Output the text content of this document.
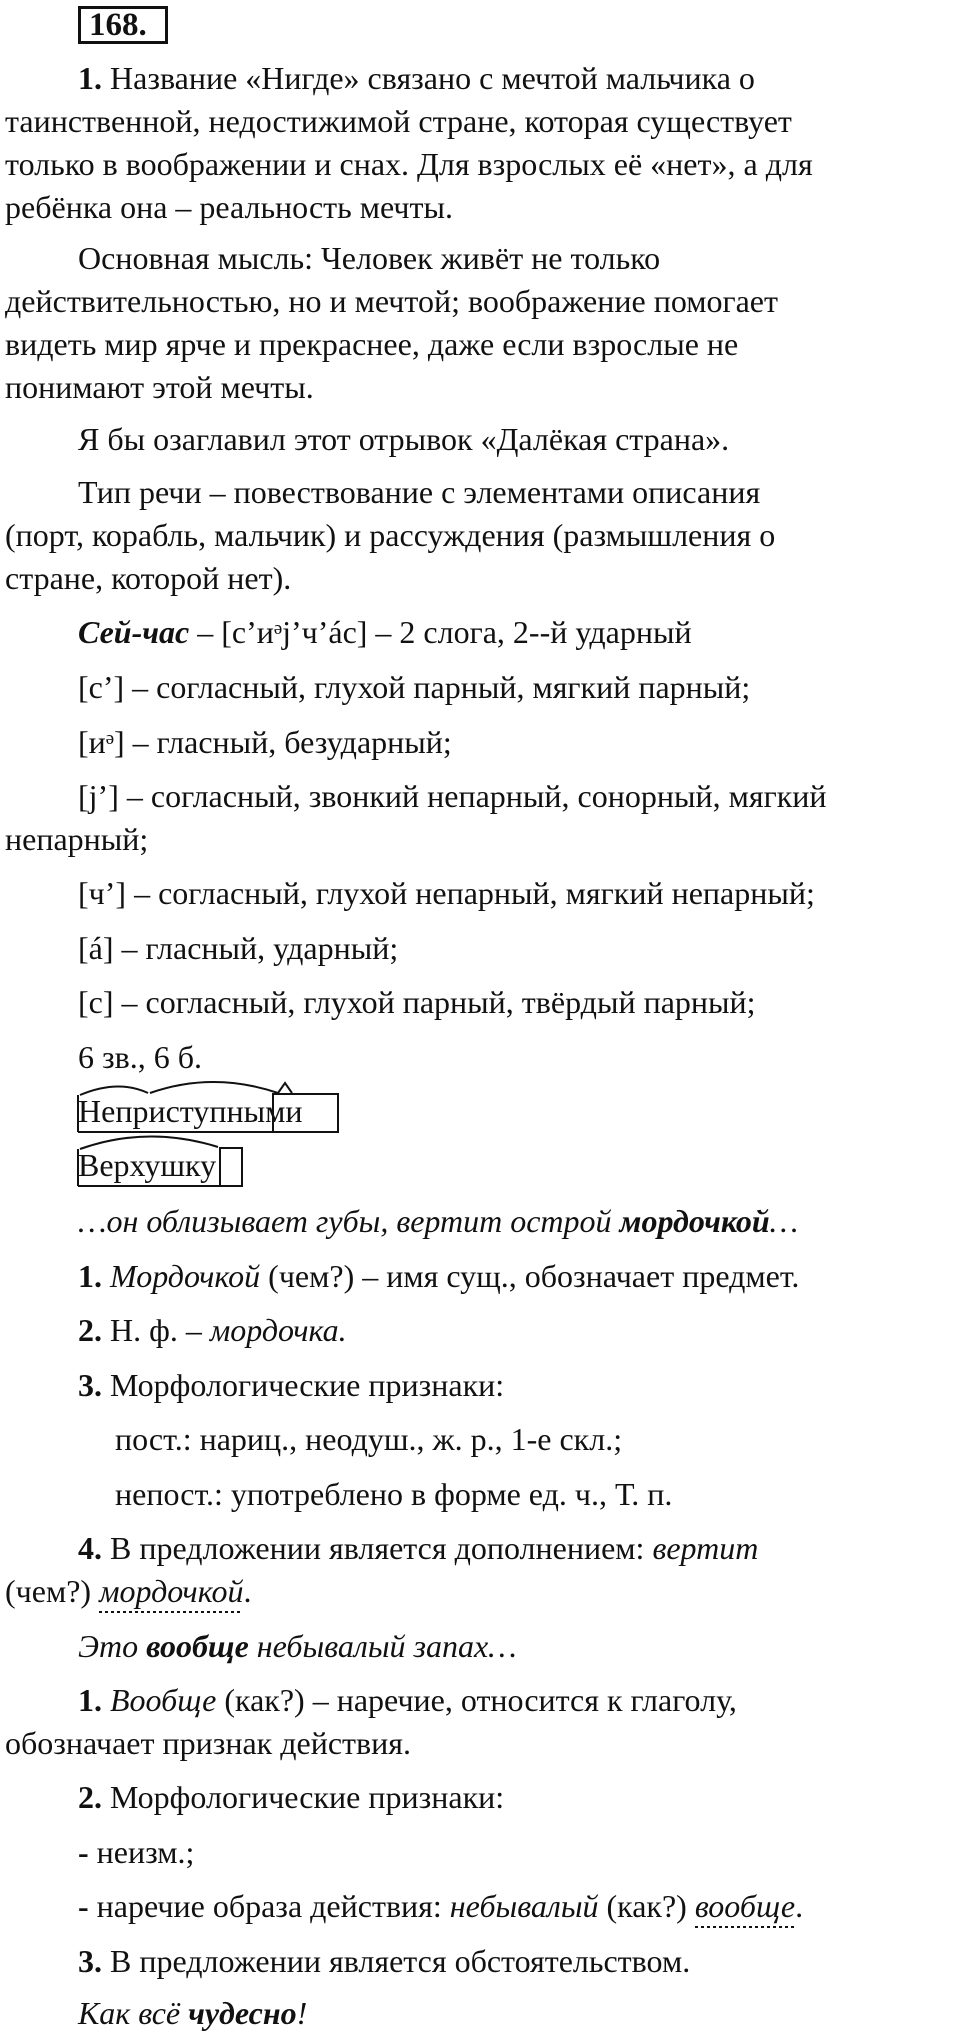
168.
1. Название «Нигде» связано с мечтой мальчика о
таинственной, недостижимой стране, которая существует
только в воображении и снах. Для взрослых её «нет», а для
ребёнка она – реальность мечты.
Основная мысль: Человек живёт не только
действительностью, но и мечтой; воображение помогает
видеть мир ярче и прекраснее, даже если взрослые не
понимают этой мечты.
Я бы озаглавил этот отрывок «Далёкая страна».
Тип речи – повествование с элементами описания
(порт, корабль, мальчик) и рассуждения (размышления о
стране, которой нет).
Сей-час – [с’иᵊj’ч’áс] – 2 слога, 2--й ударный
[с’] – согласный, глухой парный, мягкий парный;
[иᵊ] – гласный, безударный;
[j’] – согласный, звонкий непарный, сонорный, мягкий
непарный;
[ч’] – согласный, глухой непарный, мягкий непарный;
[á] – гласный, ударный;
[с] – согласный, глухой парный, твёрдый парный;
6 зв., 6 б.
Неприступными
Верхушку
…он облизывает губы, вертит острой мордочкой…
1. Мордочкой (чем?) – имя сущ., обозначает предмет.
2. Н. ф. – мордочка.
3. Морфологические признаки:
пост.: нариц., неодуш., ж. р., 1-е скл.;
непост.: употреблено в форме ед. ч., Т. п.
4. В предложении является дополнением: вертит
(чем?) мордочкой.
Это вообще небывалый запах…
1. Вообще (как?) – наречие, относится к глаголу,
обозначает признак действия.
2. Морфологические признаки:
- неизм.;
- наречие образа действия: небывалый (как?) вообще.
3. В предложении является обстоятельством.
Как всё чудесно!
